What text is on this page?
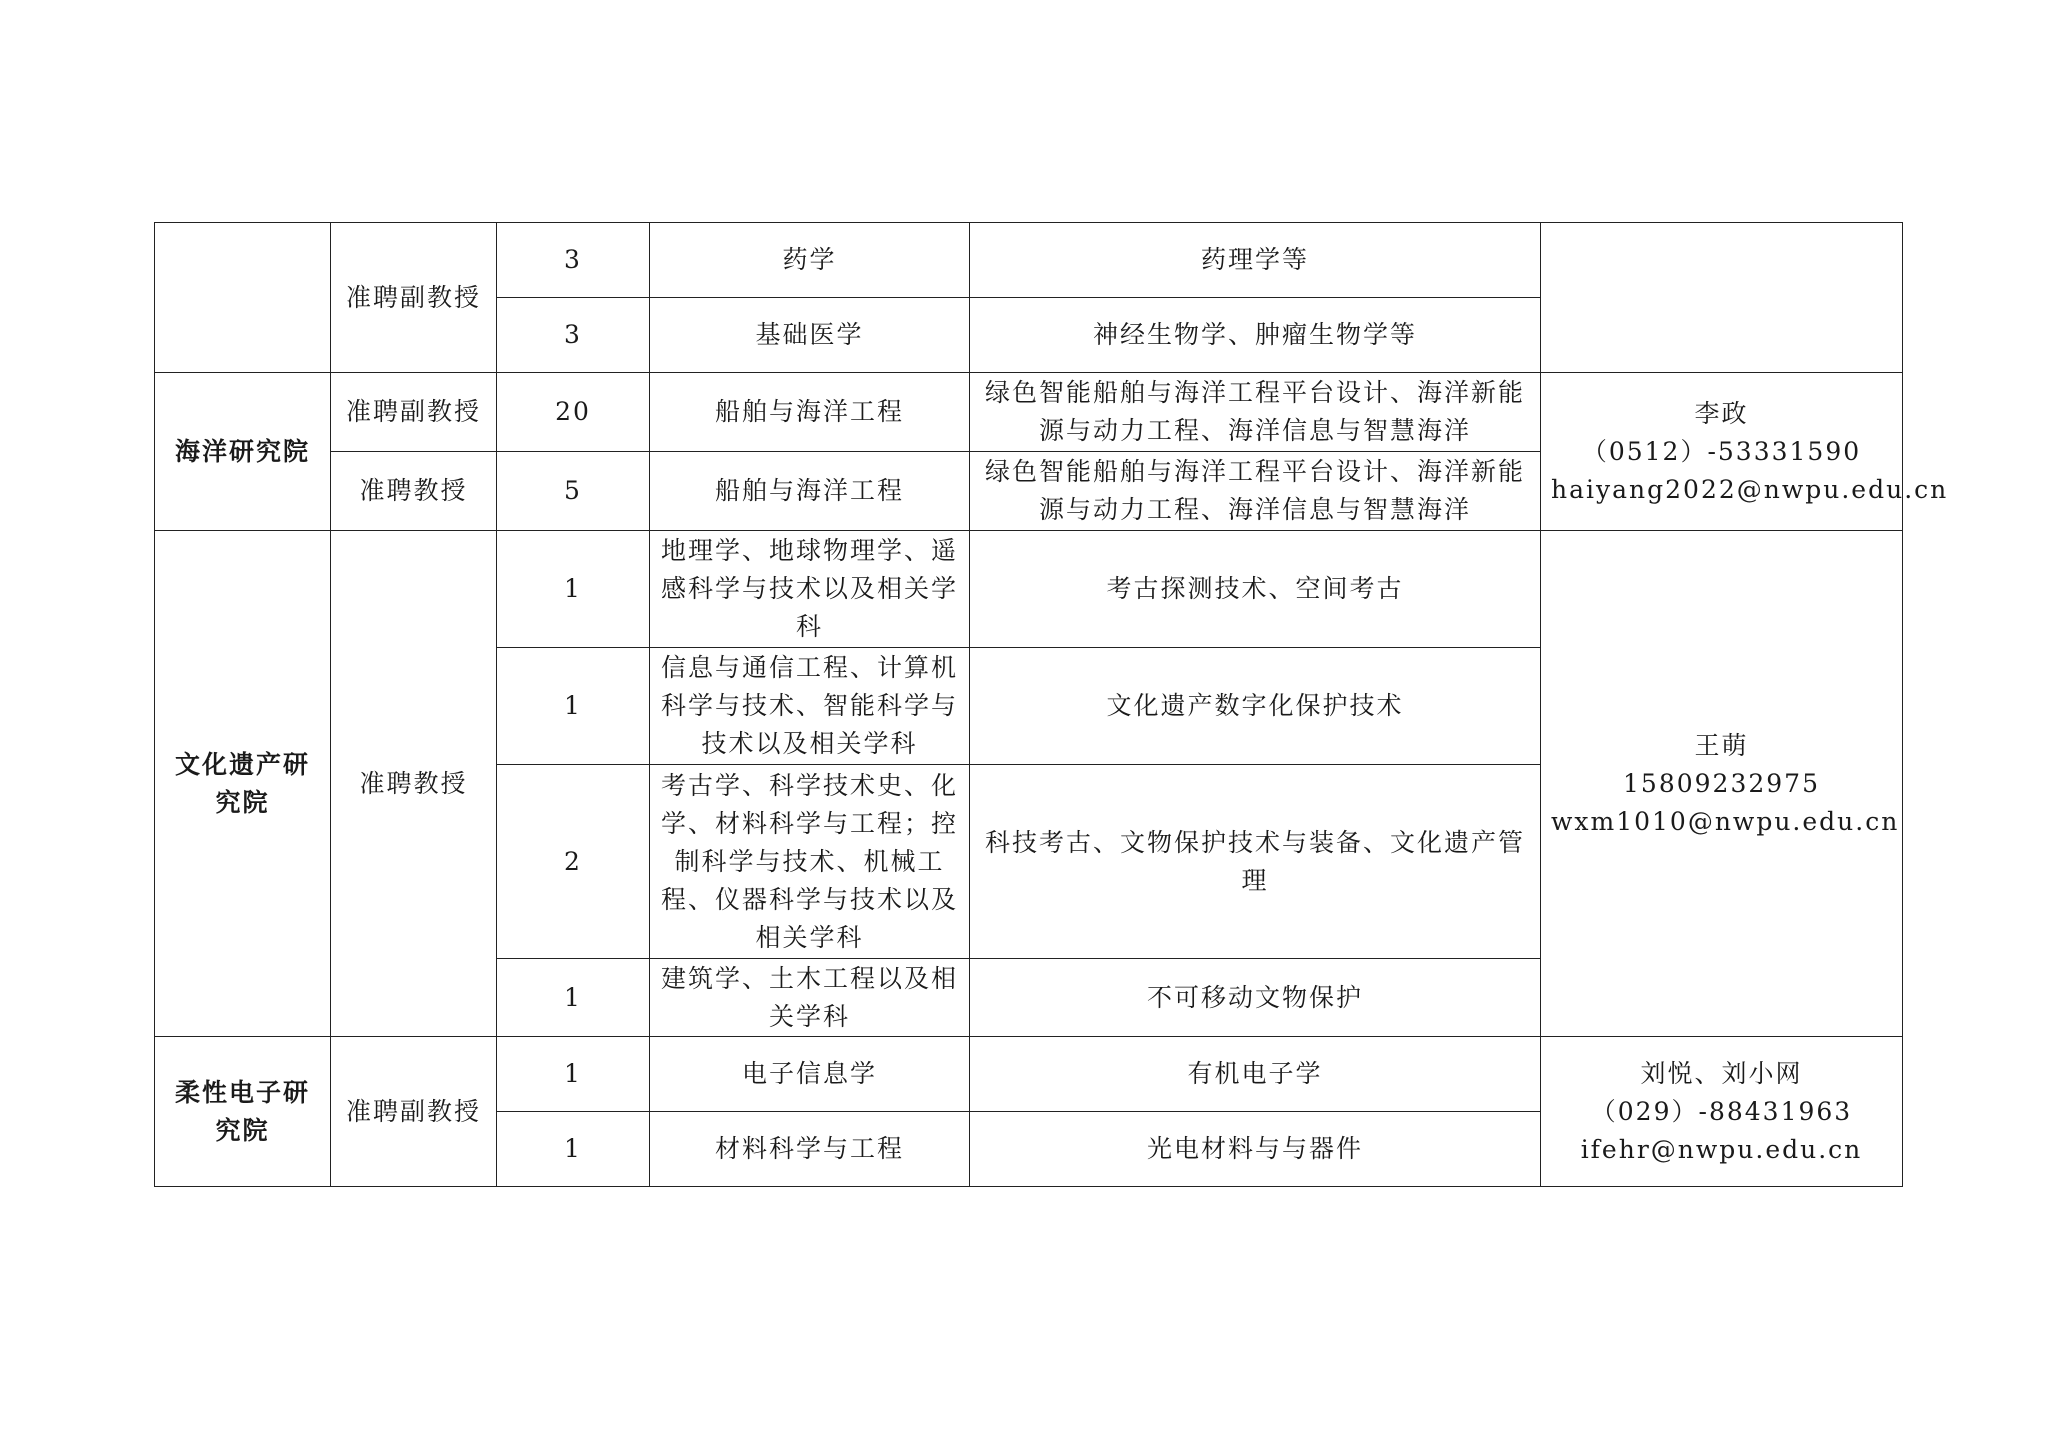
	准聘副教授	3	药学	药理学等	

		3	基础医学	神经生物学、肿瘤生物学等	
海洋研究院	准聘副教授	20	船舶与海洋工程	绿色智能船舶与海洋工程平台设计、海洋新能源与动力工程、海洋信息与智慧海洋	李政
（0512）-53331590
haiyang2022@nwpu.edu.cn

	准聘教授	5	船舶与海洋工程	绿色智能船舶与海洋工程平台设计、海洋新能源与动力工程、海洋信息与智慧海洋	
文化遗产研究院	准聘教授	1	地理学、地球物理学、遥感科学与技术以及相关学科	考古探测技术、空间考古	王萌
15809232975
wxm1010@nwpu.edu.cn

		1	信息与通信工程、计算机科学与技术、智能科学与技术以及相关学科	文化遗产数字化保护技术	
		2	考古学、科学技术史、化学、材料科学与工程；控制科学与技术、机械工程、仪器科学与技术以及相关学科	科技考古、文物保护技术与装备、文化遗产管理	
		1	建筑学、土木工程以及相关学科	不可移动文物保护	
柔性电子研究院	准聘副教授	1	电子信息学	有机电子学	刘悦、刘小网
（029）-88431963
ifehr@nwpu.edu.cn

		1	材料科学与工程	光电材料与与器件	
